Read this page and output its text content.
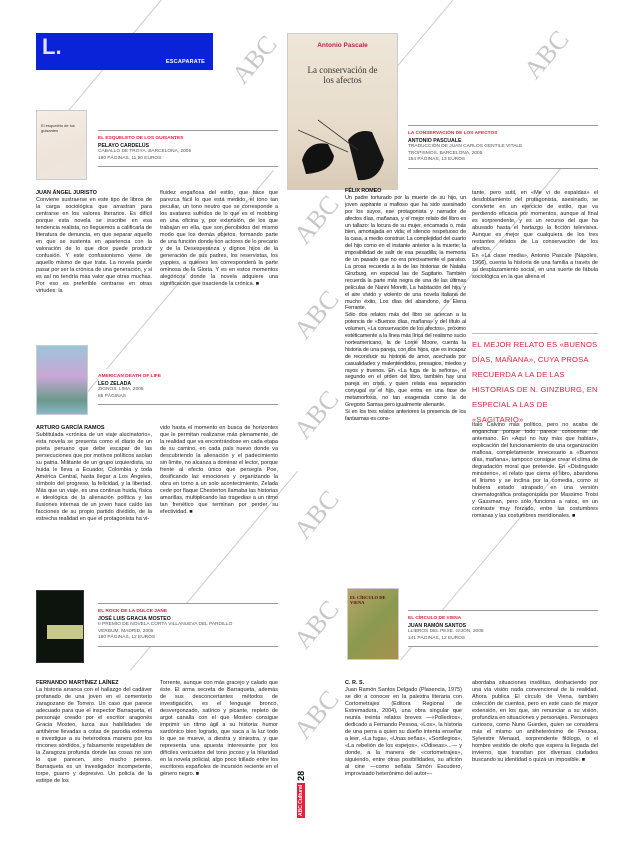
ABC	ABC
ABC
ABC
ABC
ABC
ABC
ABC
L.
ESCAPARATE
El esqueleto de los guisantes
EL ESQUELETO DE LOS GUISANTES
PELAYO CARDELÚS
CABALLO DE TROYA. BARCELONA, 2005
190 PÁGINAS, 11,90 EUROS
Antonio Pascale
La conservación de los afectos
LA CONSERVACIÓN DE LOS AFECTOS
ANTONIO PASCUALE
TRADUCCIÓN DE JUAN CARLOS GENTILE VITALE
TROPISMOS. BARCELONA, 2005
154 PÁGINAS, 13 EUROS
JUAN ÁNGEL JURISTO

Conviene sustraerse en este tipo de libros de la carga sociológica que arrastran para centrarse en los valores literarios. Es difícil porque esta novela se inscribe en esa tendencia realista, no lleguemos a calificarla de literatura de denuncia, en que separar aquello en que se sustenta en apariencia con la valoración de lo que dice puede producir confusión. Y este confusionismo viene de aquello mismo de que trata. La novela puede pasar por ser la crónica de una generación, y si es así no tendría más valor que otras muchas. Por eso es preferible centrarse en otras virtudes: la

fluidez engañosa del estilo, que hace que parezca fácil lo que está medido, el tono tan peculiar, un tono neutro que se corresponde a los avatares sufridos de lo que es el mobbing en una oficina y, por extensión, de los que trabajan en ella, que son percibidos del mismo modo que los demás objetos, formando parte de una función donde son actores de lo precario y de la Desesperanza y dignos hijos de la generación de sus padres, los reservistas, los yuppies, a quienes les corresponderá la parte ominosa de la Gloria. Y es en estos momentos alegóricos donde la novela adquiere una significación que trasciende la crónica. ■

FÉLIX ROMEO

Un padre torturado por la muerte de su hijo, un joven aspirante a mafioso que ha sido asesinado por los suyos, ese protagonista y narrador de afectos días, mañanas, y el mejor relato del libro es un tallazo: la locura de su mujer, encamada o, más bien, amortajada en vida; el silencio respetuoso de la casa, a medio construir. La complejidad del cuarto del hijo como en el instante anterior a la muerte; la imposibilidad de salir de esa pesadilla; la memoria de un pasado que no era precisamente el paraíso. La prosa recuerda a la de las historias de Natalia Ginzburg, en especial las de Sagitario. También recuerda la parte más negra de una de las últimas películas de Nanni Moretti, La habitación del hijo, y el aire vívido y violento de una novela italiana de mucho éxito, Los días del abandono, de Elena Ferrante.
Sólo dos relatos más del libro se acercan a la potencia de «Buenos días, mañana» y del título al volumen, «La conservación de los afectos», próximo estéticamente a la línea más lírica del realismo sucio norteamericano, la de Lorrie Moore, cuenta la historia de una pareja, con dos hijos, que es incapaz de reconducir su historia de amor, acechada por casualidades y malentendidos, presagios, miedos y rayos y truenos. En «La fuga de la señora», el segundo en el orden del libro, también hay una pareja en crisis, y quien relata esa separación conyugal es el hijo, que entra en una fase de metamorfosis, no tan exagerada como la de Gregorio Samsa pero igualmente alienante.
Si en los tres relatos anteriores la presencia de los fantasmas es cons-

tante, pero sutil, en «Me vi de espaldas» el desdoblamiento del protagonista, asesinado, se convierte en un ejercicio de estilo, que va perdiendo eficacia por momentos, aunque al final es sorprendente, y es un recurso del que ha abusado hasta el hartazgo la ficción televisiva. Aunque es mejor que cualquiera de los tres restantes relatos de La conservación de los afectos.
En «La clase media», Antonio Pascale (Nápoles, 1966), cuenta la historia de una familia a través de su desplazamiento social, en una suerte de fábula sociológica en la que aliena el

EL MEJOR RELATO ES «BUENOS DÍAS, MAÑANA», CUYA PROSA RECUERDA A LA DE LAS HISTORIAS DE N. GINZBURG, EN ESPECIAL A LAS DE «SAGITARIO»

Italo Calvino más político, pero no acaba de enganchar porque todo parece conocerse de antemano. En «Aquí no hay más que hablar», explicación del funcionamiento de una organización mafiosa, completamente innecesario a «Buenos días, mañana», tampoco consigue crear el clima de degradación moral que pretende. En «Distinguido ministerio», el relato que cierra el libro, abandona el lirismo y se inclina por la comedia, como si hubiera estado atrapado en una versión cinematográfica protagonizada por Massimo Troisi y Gassman, pero sólo funciona a ratos, en un contraste muy forzado, entre las costumbres romanas y las costumbres meridionales. ■

AMERICAN DEATH OF LIFE
LEO ZELADA
ZIGNOS. LIMA, 2005
85 PÁGINAS
ARTURO GARCÍA RAMOS

Subtitulada «crónica de un viaje alucinatorio», esta novela se presenta como el diario de un poeta peruano que debe escapar de las persecuciones que por motivos políticos asolan su patria. Militante de un grupo izquierdista, su huida le lleva a Ecuador, Colombia y toda América Central, hasta llegar a Los Ángeles, símbolo del progreso, la felicidad, y la libertad. Más que un viaje, es una continua huida, física e ideológica de la alienación política y las ilusiones internas de un joven hace caído las facciones de su propio partido dividido, de la estrecha realidad en que el protagonista ha vi-

vido hasta el momento en busca de horizontes que le permitan realizarse más plenamente, de la realidad que va encontrándose en cada etapa de su camino, en cada país nuevo donde va descubriendo la alienación y el padecimiento sin límite, no alcanza a dominar el lector, porque frente al efecto único que persegía Poe, dosificando las emociones y organizando la obra en torno a un solo acontecimiento, Zelada cede por flaque Chesterton llamaba las historias amarillas, multiplicando las tragedias a un ritmo tan frenético que terminan por perder su efectividad. ■

EL ROCK DE LA DULCE JANE
JOSÉ LUIS GRACIA MOSTEO
II PREMIO DE NOVELA CORTA VILLANUEVA DEL PARDILLO
VERBUM. MADRID, 2005
180 PÁGINAS, 12 EUROS
FERNANDO MARTÍNEZ LAÍNEZ

La historia arranca con el hallazgo del cadáver profanado de una joven en el cementerio zaragozano de Torrero. Un caso que parece adecuado para que el inspector Barraqueta, el personaje creado por el escritor aragonés Gracia Mosteo, luzca sus habilidades de antihéroe llevadas a cotas de parodia extrema e investigue a su heterodoxa manera por los rincones sórdidos, y falsamente respetables de la Zaragoza profunda donde las cosas no son lo que parecen, sino mucho peores. Barraqueta es un investigador incompetente, torpe, guarro y depresivo. Un policía de la estirpe de los

Torrente, aunque con más gracejo y calado que éste. El arma secreta de Barraqueta, además de sus desconcertantes métodos de investigación, es el lenguaje bronco, desvergonzado, satírico y picante, repleto de argot canalla con el que Mosteo consigue imprimir un ritmo ágil a su historia: humor sardónico bien logrado, que saca a la luz todo lo que se mueve, a diestra y siniestra, y que representa una apuesta interesante por los difíciles vericuetos del tono jocoso y la hilaridad en la novela policial, algo poco trillado entre los escritores españoles de incursión reciente en el género negro. ■

EL CÍRCULO DE VIENA
EL CÍRCULO DE VIENA
JUAN RAMÓN SANTOS
LLIBROS DEL PEXE. GIJÓN, 2005
141 PÁGINAS, 12 EUROS
C. R. S.

Juan Ramón Santos Delgado (Plasencia, 1975) se dio a conocer en la palestra literaria con Cortometrajes (Editora Regional de Extremadura, 2004), una obra singular que reunía treinta relatos breves —«Poliedros», dedicado a Fernando Pessoa, «Los», la historia de una perra a quien su dueño intenta enseñar a leer, «La fuga», «Unas señas», «Sortilegios», «La rebelión de los espejos», «Odiseas»...— y donde, a la manera de «cortometrajes», siguiendo, entre otras posibilidades, su afición al cine —como señala Simón Escudero, improvisado heterónimo del autor—

abordaba situaciones insólitas, deshaciendo por una vía visión nada convencional de la realidad. Ahora publica El círculo de Viena, también colección de cuentos, pero en este caso de mayor extensión, en los que, sin renunciar a su visión, profundiza en situaciones y personajes. Personajes curiosos, como Nuno Guedes, quien se considera más el mismo un antiheterónimo de Pessoa, Sylvestre Menaud, sorprendente filólogo, o el hombre vestido de otoño que espera la llegada del invierno, que transitan por diversas ciudades buscando su identidad o quizá un imposible. ■

ABC Cultural
28
